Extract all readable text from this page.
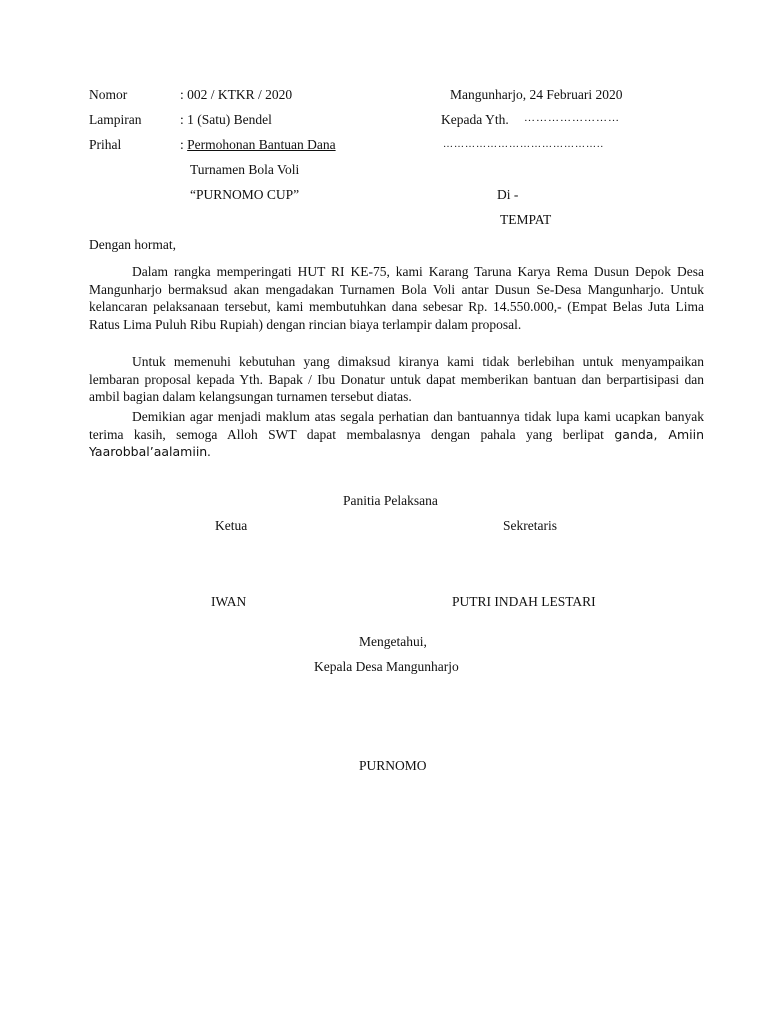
Nomor	: 002 / KTKR / 2020	Mangunharjo, 24 Februari 2020
Lampiran	: 1 (Satu) Bendel	Kepada Yth. ……………………
Prihal	: Permohonan Bantuan Dana	……………………………………..
Turnamen Bola Voli
“PURNOMO CUP”	Di -
TEMPAT
Dengan hormat,

Dalam rangka memperingati HUT RI KE-75, kami Karang Taruna Karya Rema Dusun Depok Desa Mangunharjo bermaksud akan mengadakan Turnamen Bola Voli antar Dusun Se-Desa Mangunharjo. Untuk kelancaran pelaksanaan tersebut, kami membutuhkan dana sebesar Rp. 14.550.000,- (Empat Belas Juta Lima Ratus Lima Puluh Ribu Rupiah) dengan rincian biaya terlampir dalam proposal.

Untuk memenuhi kebutuhan yang dimaksud kiranya kami tidak berlebihan untuk menyampaikan lembaran proposal kepada Yth. Bapak / Ibu Donatur untuk dapat memberikan bantuan dan berpartisipasi dan ambil bagian dalam kelangsungan turnamen tersebut diatas.

Demikian agar menjadi maklum atas segala perhatian dan bantuannya tidak lupa kami ucapkan banyak terima kasih, semoga Alloh SWT dapat membalasnya dengan pahala yang berlipat ganda, Amiin Yaarobbal’aalamiin.

Panitia Pelaksana
Ketua	Sekretaris
IWAN	PUTRI INDAH LESTARI
Mengetahui,
Kepala Desa Mangunharjo
PURNOMO
